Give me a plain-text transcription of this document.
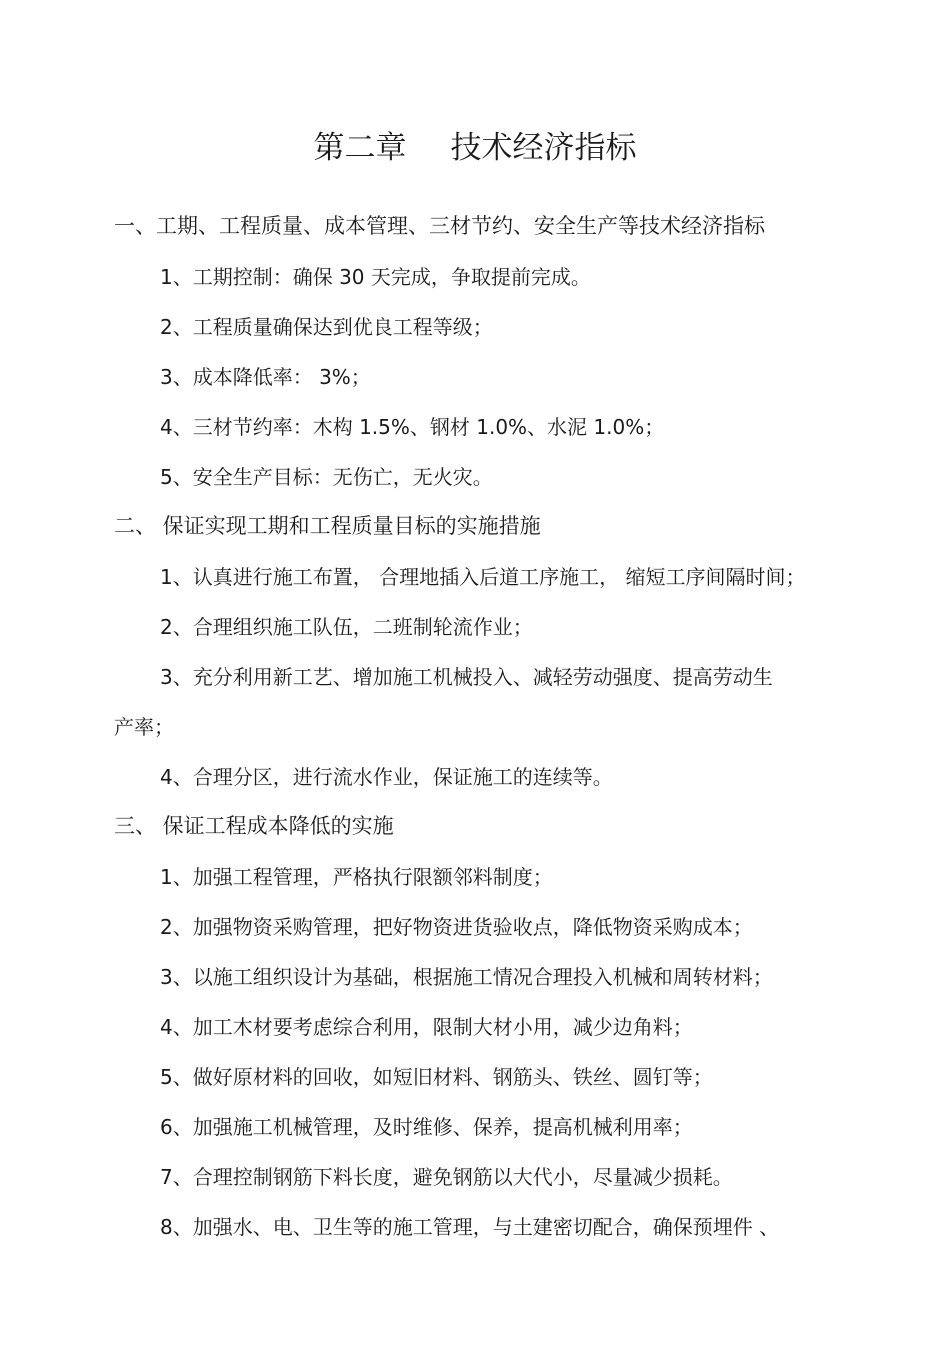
第二章 技术经济指标
一、工期、工程质量、成本管理、三材节约、安全生产等技术经济指标
1、工期控制：确保 30 天完成，争取提前完成。
2、工程质量确保达到优良工程等级；
3、成本降低率： 3%；
4、三材节约率：木构 1.5%、钢材 1.0%、水泥 1.0%；
5、安全生产目标：无伤亡，无火灾。
二、 保证实现工期和工程质量目标的实施措施
1、认真进行施工布置， 合理地插入后道工序施工， 缩短工序间隔时间；
2、合理组织施工队伍，二班制轮流作业；
3、充分利用新工艺、增加施工机械投入、减轻劳动强度、提高劳动生
产率；
4、合理分区，进行流水作业，保证施工的连续等。
三、 保证工程成本降低的实施
1、加强工程管理，严格执行限额邻料制度；
2、加强物资采购管理，把好物资进货验收点，降低物资采购成本；
3、以施工组织设计为基础，根据施工情况合理投入机械和周转材料；
4、加工木材要考虑综合利用，限制大材小用，减少边角料；
5、做好原材料的回收，如短旧材料、钢筋头、铁丝、圆钉等；
6、加强施工机械管理，及时维修、保养，提高机械利用率；
7、合理控制钢筋下料长度，避免钢筋以大代小，尽量减少损耗。
8、加强水、电、卫生等的施工管理，与土建密切配合，确保预埋件 、
